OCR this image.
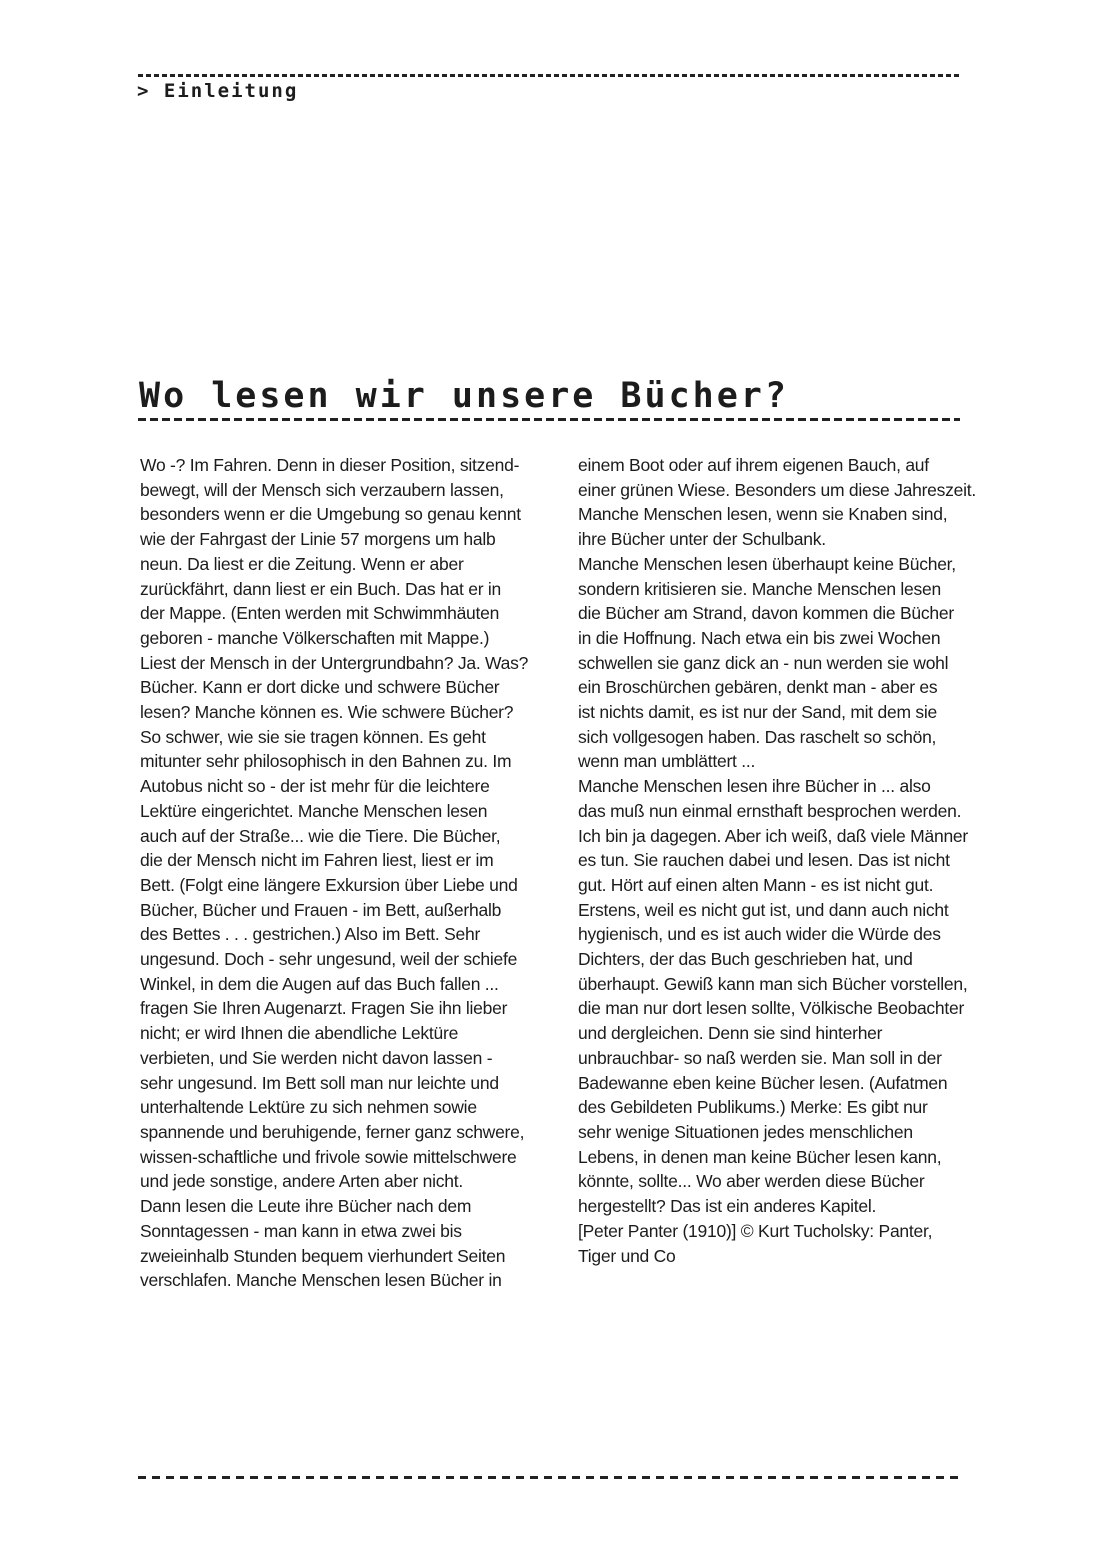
> Einleitung
Wo lesen wir unsere Bücher?
Wo -? Im Fahren. Denn in dieser Position, sitzend-
bewegt, will der Mensch sich verzaubern lassen,
besonders wenn er die Umgebung so genau kennt
wie der Fahrgast der Linie 57 morgens um halb
neun. Da liest er die Zeitung. Wenn er aber
zurückfährt, dann liest er ein Buch. Das hat er in
der Mappe. (Enten werden mit Schwimmhäuten
geboren - manche Völkerschaften mit Mappe.)
Liest der Mensch in der Untergrundbahn? Ja. Was?
Bücher. Kann er dort dicke und schwere Bücher
lesen? Manche können es. Wie schwere Bücher?
So schwer, wie sie sie tragen können. Es geht
mitunter sehr philosophisch in den Bahnen zu. Im
Autobus nicht so - der ist mehr für die leichtere
Lektüre eingerichtet. Manche Menschen lesen
auch auf der Straße... wie die Tiere. Die Bücher,
die der Mensch nicht im Fahren liest, liest er im
Bett. (Folgt eine längere Exkursion über Liebe und
Bücher, Bücher und Frauen - im Bett, außerhalb
des Bettes . . . gestrichen.) Also im Bett. Sehr
ungesund. Doch - sehr ungesund, weil der schiefe
Winkel, in dem die Augen auf das Buch fallen ...
fragen Sie Ihren Augenarzt. Fragen Sie ihn lieber
nicht; er wird Ihnen die abendliche Lektüre
verbieten, und Sie werden nicht davon lassen -
sehr ungesund. Im Bett soll man nur leichte und
unterhaltende Lektüre zu sich nehmen sowie
spannende und beruhigende, ferner ganz schwere,
wissen-schaftliche und frivole sowie mittelschwere
und jede sonstige, andere Arten aber nicht.
Dann lesen die Leute ihre Bücher nach dem
Sonntagessen - man kann in etwa zwei bis
zweieinhalb Stunden bequem vierhundert Seiten
verschlafen. Manche Menschen lesen Bücher in
einem Boot oder auf ihrem eigenen Bauch, auf
einer grünen Wiese. Besonders um diese Jahreszeit.
Manche Menschen lesen, wenn sie Knaben sind,
ihre Bücher unter der Schulbank.
Manche Menschen lesen überhaupt keine Bücher,
sondern kritisieren sie. Manche Menschen lesen
die Bücher am Strand, davon kommen die Bücher
in die Hoffnung. Nach etwa ein bis zwei Wochen
schwellen sie ganz dick an - nun werden sie wohl
ein Broschürchen gebären, denkt man - aber es
ist nichts damit, es ist nur der Sand, mit dem sie
sich vollgesogen haben. Das raschelt so schön,
wenn man umblättert ...
Manche Menschen lesen ihre Bücher in ... also
das muß nun einmal ernsthaft besprochen werden.
Ich bin ja dagegen. Aber ich weiß, daß viele Männer
es tun. Sie rauchen dabei und lesen. Das ist nicht
gut. Hört auf einen alten Mann - es ist nicht gut.
Erstens, weil es nicht gut ist, und dann auch nicht
hygienisch, und es ist auch wider die Würde des
Dichters, der das Buch geschrieben hat, und
überhaupt. Gewiß kann man sich Bücher vorstellen,
die man nur dort lesen sollte, Völkische Beobachter
und dergleichen. Denn sie sind hinterher
unbrauchbar- so naß werden sie. Man soll in der
Badewanne eben keine Bücher lesen. (Aufatmen
des Gebildeten Publikums.) Merke: Es gibt nur
sehr wenige Situationen jedes menschlichen
Lebens, in denen man keine Bücher lesen kann,
könnte, sollte... Wo aber werden diese Bücher
hergestellt? Das ist ein anderes Kapitel.
[Peter Panter (1910)] © Kurt Tucholsky: Panter,
Tiger und Co
